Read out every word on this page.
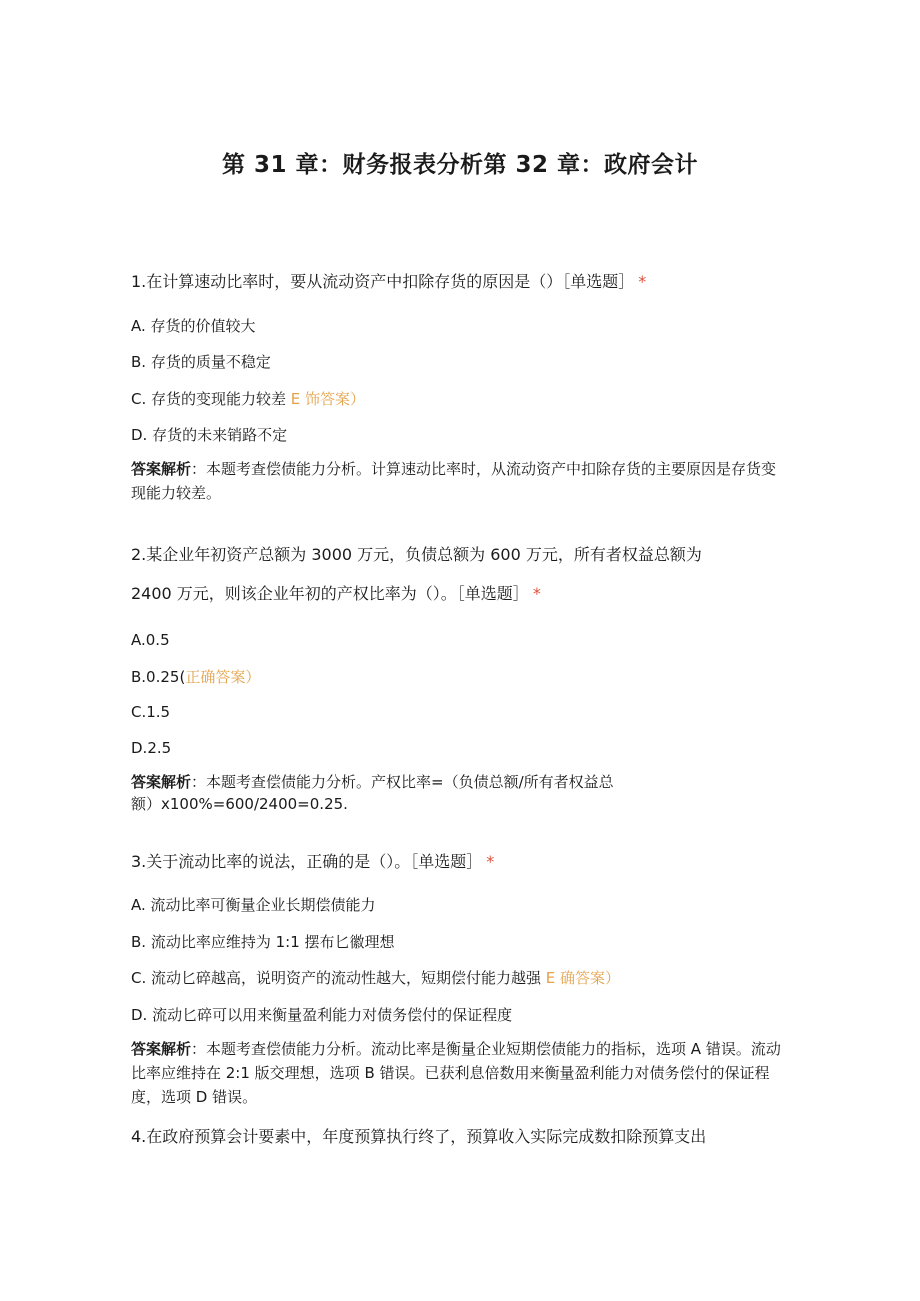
第 31 章：财务报表分析第 32 章：政府会计
1.在计算速动比率时，要从流动资产中扣除存货的原因是（）［单选题］ *
A. 存货的价值较大
B. 存货的质量不稳定
C. 存货的变现能力较差 E 饰答案）
D. 存货的未来销路不定
答案解析：本题考查偿债能力分析。计算速动比率时，从流动资产中扣除存货的主要原因是存货变现能力较差。
2.某企业年初资产总额为 3000 万元，负债总额为 600 万元，所有者权益总额为
2400 万元，则该企业年初的产权比率为（）。［单选题］ *
A.0.5
B.0.25(正确答案）
C.1.5
D.2.5
答案解析：本题考查偿债能力分析。产权比率=（负债总额/所有者权益总
额）x100%=600/2400=0.25.
3.关于流动比率的说法，正确的是（）。［单选题］ *
A. 流动比率可衡量企业长期偿债能力
B. 流动比率应维持为 1:1 摆布匕徽理想
C. 流动匕碎越高，说明资产的流动性越大，短期偿付能力越强 E 确答案）
D. 流动匕碎可以用来衡量盈利能力对债务偿付的保证程度
答案解析：本题考查偿债能力分析。流动比率是衡量企业短期偿债能力的指标，选项 A 错误。流动比率应维持在 2:1 版交理想，选项 B 错误。已获利息倍数用来衡量盈利能力对债务偿付的保证程度，选项 D 错误。
4.在政府预算会计要素中，年度预算执行终了，预算收入实际完成数扣除预算支出
